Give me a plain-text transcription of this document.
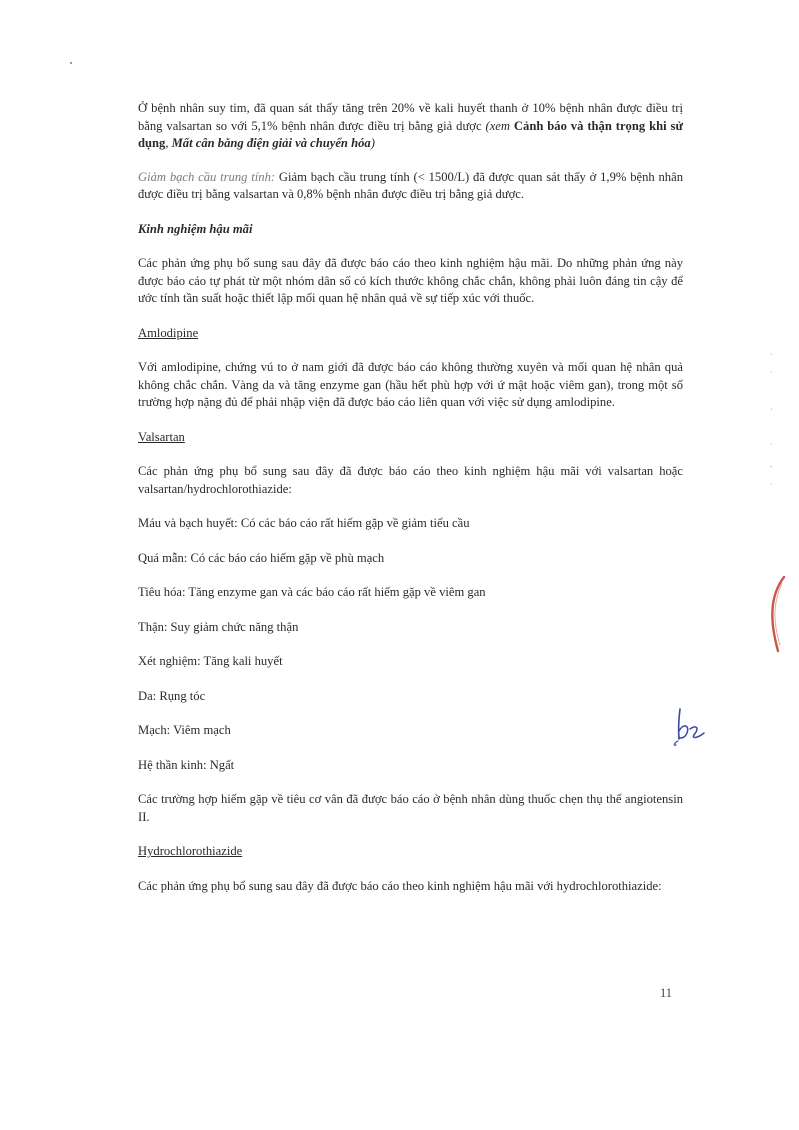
Ở bệnh nhân suy tim, đã quan sát thấy tăng trên 20% về kali huyết thanh ở 10% bệnh nhân được điều trị bằng valsartan so với 5,1% bệnh nhân được điều trị bằng giả dược (xem Cảnh báo và thận trọng khi sử dụng, Mất cân bằng điện giải và chuyển hóa)

Giảm bạch cầu trung tính: Giảm bạch cầu trung tính (< 1500/L) đã được quan sát thấy ở 1,9% bệnh nhân được điều trị bằng valsartan và 0,8% bệnh nhân được điều trị bằng giả dược.

Kinh nghiệm hậu mãi

Các phản ứng phụ bổ sung sau đây đã được báo cáo theo kinh nghiệm hậu mãi. Do những phản ứng này được báo cáo tự phát từ một nhóm dân số có kích thước không chắc chắn, không phải luôn đáng tin cậy để ước tính tần suất hoặc thiết lập mối quan hệ nhân quả về sự tiếp xúc với thuốc.

Amlodipine

Với amlodipine, chứng vú to ở nam giới đã được báo cáo không thường xuyên và mối quan hệ nhân quả không chắc chắn. Vàng da và tăng enzyme gan (hầu hết phù hợp với ứ mật hoặc viêm gan), trong một số trường hợp nặng đủ để phải nhập viện đã được báo cáo liên quan với việc sử dụng amlodipine.

Valsartan

Các phản ứng phụ bổ sung sau đây đã được báo cáo theo kinh nghiệm hậu mãi với valsartan hoặc valsartan/hydrochlorothiazide:

Máu và bạch huyết: Có các báo cáo rất hiếm gặp về giảm tiểu cầu

Quá mẫn: Có các báo cáo hiếm gặp về phù mạch

Tiêu hóa: Tăng enzyme gan và các báo cáo rất hiếm gặp về viêm gan

Thận: Suy giảm chức năng thận

Xét nghiệm: Tăng kali huyết

Da: Rụng tóc

Mạch: Viêm mạch

Hệ thần kinh: Ngất

Các trường hợp hiếm gặp về tiêu cơ vân đã được báo cáo ở bệnh nhân dùng thuốc chẹn thụ thể angiotensin II.

Hydrochlorothiazide

Các phản ứng phụ bổ sung sau đây đã được báo cáo theo kinh nghiệm hậu mãi với hydrochlorothiazide:

11
·
·
·
·
-
·
